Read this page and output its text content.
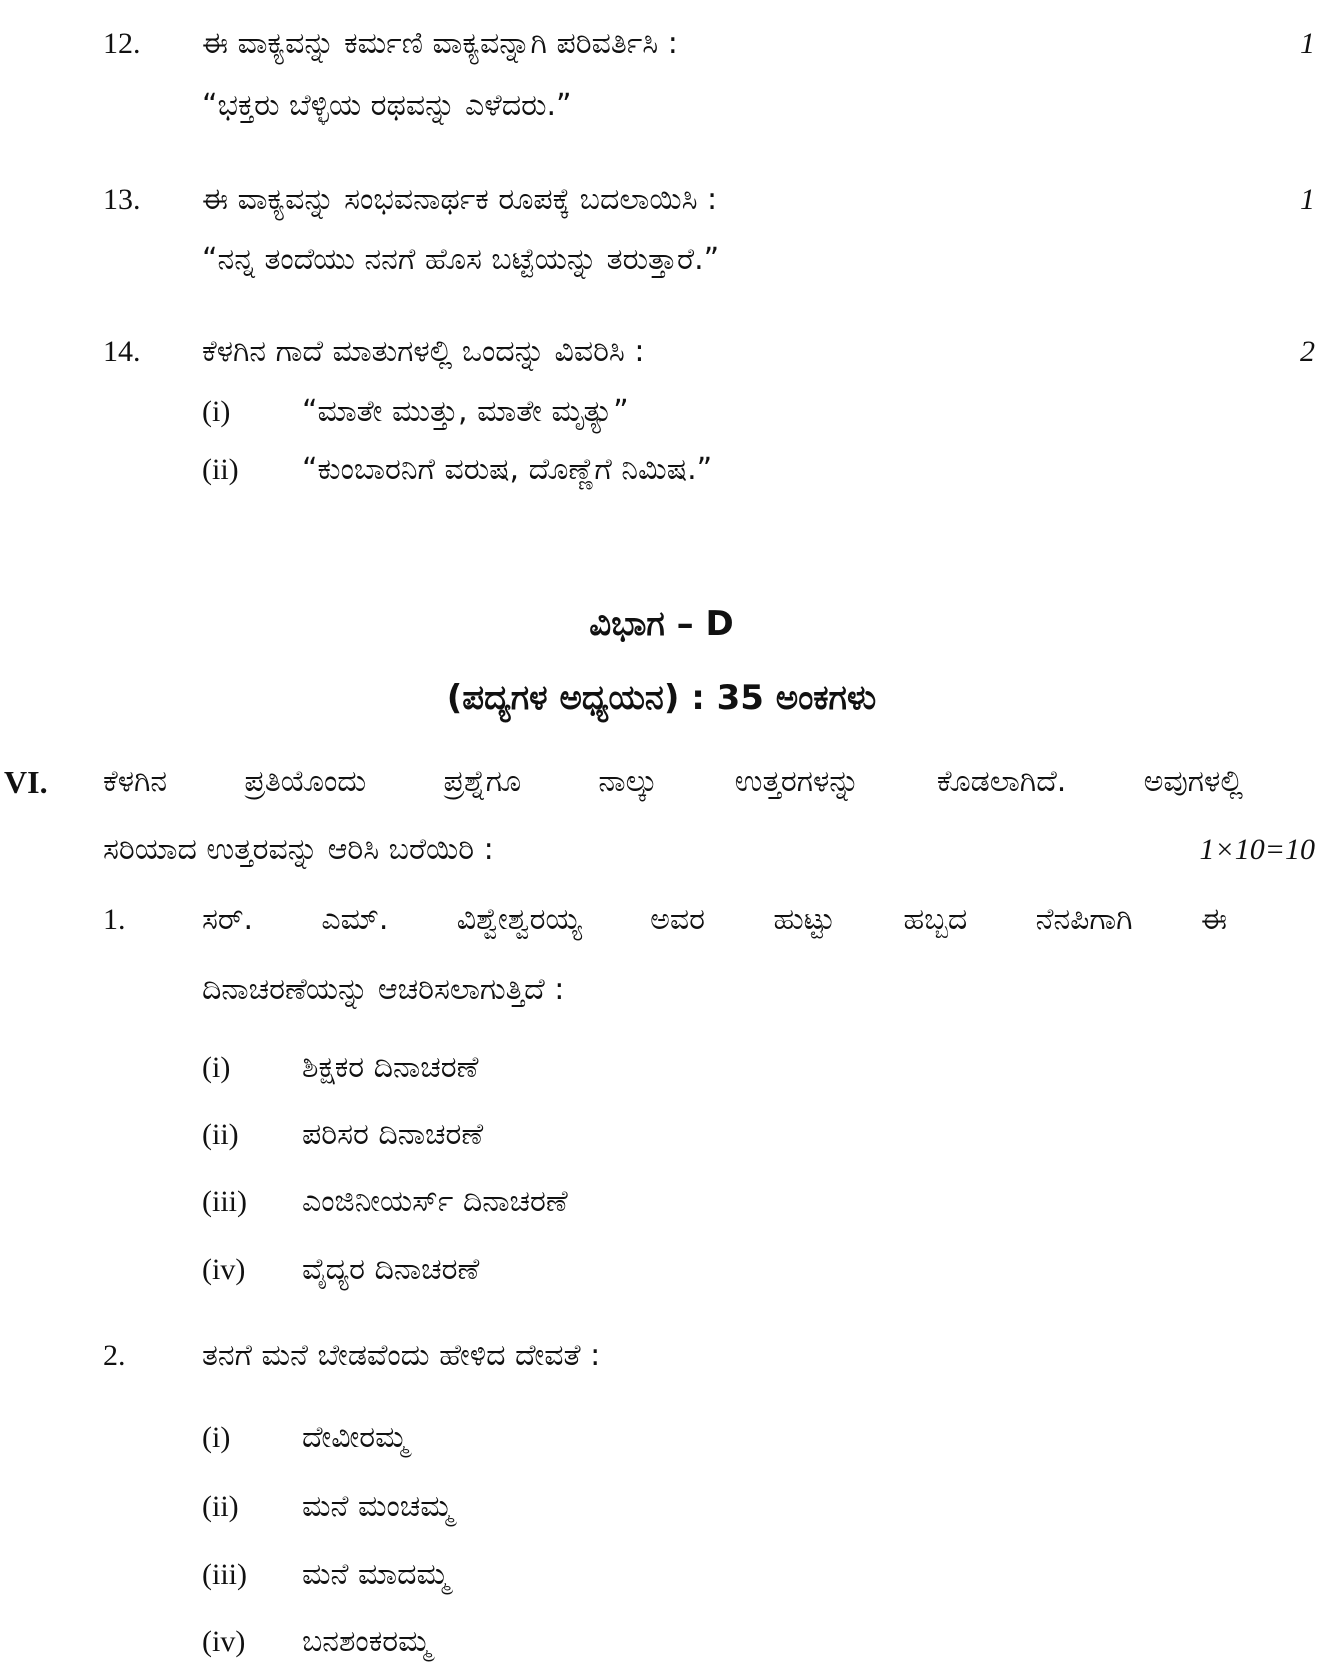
12. ಈ ವಾಕ್ಯವನ್ನು ಕರ್ಮಣಿ ವಾಕ್ಯವನ್ನಾಗಿ ಪರಿವರ್ತಿಸಿ :	1
“ಭಕ್ತರು ಬೆಳ್ಳಿಯ ರಥವನ್ನು ಎಳೆದರು.”
13. ಈ ವಾಕ್ಯವನ್ನು ಸಂಭವನಾರ್ಥಕ ರೂಪಕ್ಕೆ ಬದಲಾಯಿಸಿ :	1
“ನನ್ನ ತಂದೆಯು ನನಗೆ ಹೊಸ ಬಟ್ಟೆಯನ್ನು ತರುತ್ತಾರೆ.”
14. ಕೆಳಗಿನ ಗಾದೆ ಮಾತುಗಳಲ್ಲಿ ಒಂದನ್ನು ವಿವರಿಸಿ :	2
(i) “ಮಾತೇ ಮುತ್ತು, ಮಾತೇ ಮೃತ್ಯು”
(ii) “ಕುಂಬಾರನಿಗೆ ವರುಷ, ದೊಣ್ಣೆಗೆ ನಿಮಿಷ.”
ವಿಭಾಗ – D
(ಪದ್ಯಗಳ ಅಧ್ಯಯನ) : 35 ಅಂಕಗಳು
VI. ಕೆಳಗಿನ ಪ್ರತಿಯೊಂದು ಪ್ರಶ್ನೆಗೂ ನಾಲ್ಕು ಉತ್ತರಗಳನ್ನು ಕೊಡಲಾಗಿದೆ. ಅವುಗಳಲ್ಲಿ
ಸರಿಯಾದ ಉತ್ತರವನ್ನು ಆರಿಸಿ ಬರೆಯಿರಿ :	1×10=10
1.	ಸರ್. ಎಮ್. ವಿಶ್ವೇಶ್ವರಯ್ಯ ಅವರ ಹುಟ್ಟು ಹಬ್ಬದ ನೆನಪಿಗಾಗಿ ಈ
ದಿನಾಚರಣೆಯನ್ನು ಆಚರಿಸಲಾಗುತ್ತಿದೆ :
(i) ಶಿಕ್ಷಕರ ದಿನಾಚರಣೆ
(ii) ಪರಿಸರ ದಿನಾಚರಣೆ
(iii) ಎಂಜಿನೀಯರ್ಸ್ ದಿನಾಚರಣೆ
(iv) ವೈದ್ಯರ ದಿನಾಚರಣೆ
2.	ತನಗೆ ಮನೆ ಬೇಡವೆಂದು ಹೇಳಿದ ದೇವತೆ :
(i) ದೇವೀರಮ್ಮ
(ii) ಮನೆ ಮಂಚಮ್ಮ
(iii) ಮನೆ ಮಾದಮ್ಮ
(iv) ಬನಶಂಕರಮ್ಮ
